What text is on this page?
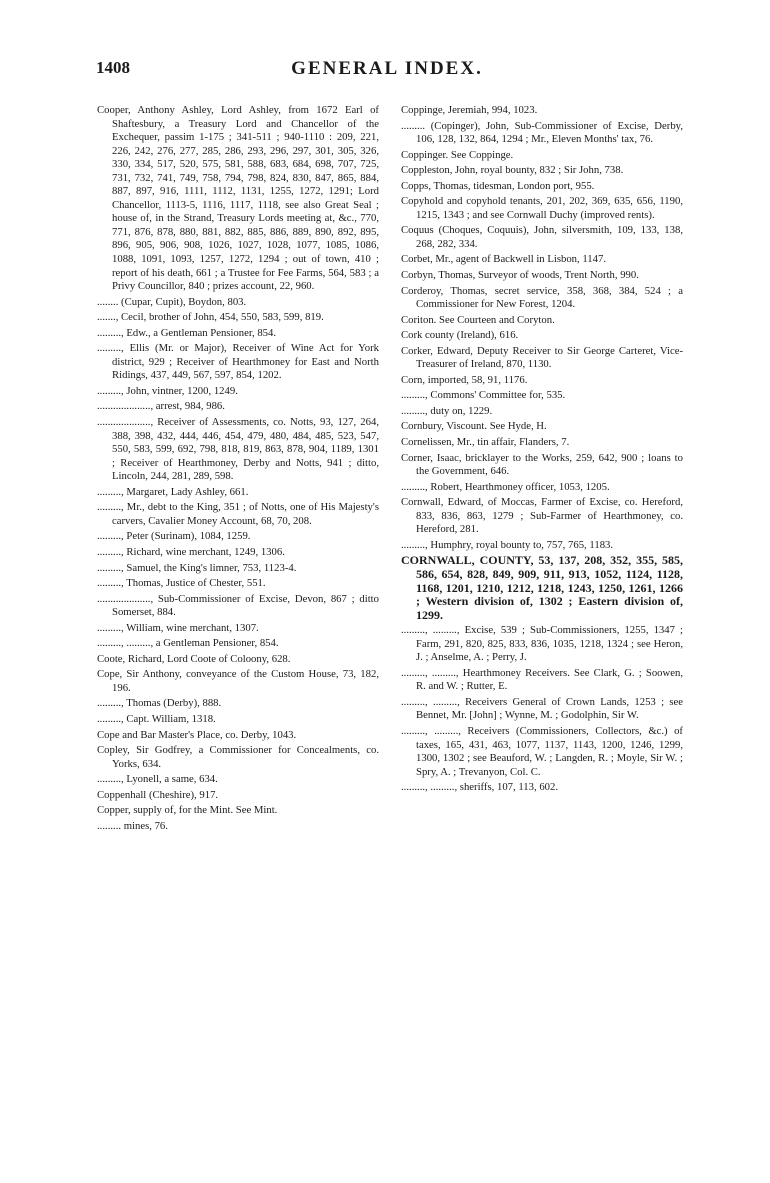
1408	GENERAL INDEX.

Cooper, Anthony Ashley, Lord Ashley, from 1672 Earl of Shaftesbury, a Treasury Lord and Chancellor of the Exchequer, passim 1-175 ; 341-511 ; 940-1110 : 209, 221, 226, 242, 276, 277, 285, 286, 293, 296, 297, 301, 305, 326, 330, 334, 517, 520, 575, 581, 588, 683, 684, 698, 707, 725, 731, 732, 741, 749, 758, 794, 798, 824, 830, 847, 865, 884, 887, 897, 916, 1111, 1112, 1131, 1255, 1272, 1291; Lord Chancellor, 1113-5, 1116, 1117, 1118, see also Great Seal ; house of, in the Strand, Treasury Lords meeting at, &c., 770, 771, 876, 878, 880, 881, 882, 885, 886, 889, 890, 892, 895, 896, 905, 906, 908, 1026, 1027, 1028, 1077, 1085, 1086, 1088, 1091, 1093, 1257, 1272, 1294 ; out of town, 410 ; report of his death, 661 ; a Trustee for Fee Farms, 564, 583 ; a Privy Councillor, 840 ; prizes account, 22, 960.

........ (Cupar, Cupit), Boydon, 803.

......., Cecil, brother of John, 454, 550, 583, 599, 819.

........., Edw., a Gentleman Pensioner, 854.

........., Ellis (Mr. or Major), Receiver of Wine Act for York district, 929 ; Receiver of Hearthmoney for East and North Ridings, 437, 449, 567, 597, 854, 1202.

........., John, vintner, 1200, 1249.

...................., arrest, 984, 986.

...................., Receiver of Assessments, co. Notts, 93, 127, 264, 388, 398, 432, 444, 446, 454, 479, 480, 484, 485, 523, 547, 550, 583, 599, 692, 798, 818, 819, 863, 878, 904, 1189, 1301 ; Receiver of Hearthmoney, Derby and Notts, 941 ; ditto, Lincoln, 244, 281, 289, 598.

........., Margaret, Lady Ashley, 661.

........., Mr., debt to the King, 351 ; of Notts, one of His Majesty's carvers, Cavalier Money Account, 68, 70, 208.

........., Peter (Surinam), 1084, 1259.

........., Richard, wine merchant, 1249, 1306.

........., Samuel, the King's limner, 753, 1123-4.

........., Thomas, Justice of Chester, 551.

...................., Sub-Commissioner of Excise, Devon, 867 ; ditto Somerset, 884.

........., William, wine merchant, 1307.

........., ........., a Gentleman Pensioner, 854.

Coote, Richard, Lord Coote of Coloony, 628.

Cope, Sir Anthony, conveyance of the Custom House, 73, 182, 196.

........., Thomas (Derby), 888.

........., Capt. William, 1318.

Cope and Bar Master's Place, co. Derby, 1043.

Copley, Sir Godfrey, a Commissioner for Concealments, co. Yorks, 634.

........., Lyonell, a same, 634.

Coppenhall (Cheshire), 917.

Copper, supply of, for the Mint. See Mint.

......... mines, 76.

Coppinge, Jeremiah, 994, 1023.

......... (Copinger), John, Sub-Commissioner of Excise, Derby, 106, 128, 132, 864, 1294 ; Mr., Eleven Months' tax, 76.

Coppinger. See Coppinge.

Coppleston, John, royal bounty, 832 ; Sir John, 738.

Copps, Thomas, tidesman, London port, 955.

Copyhold and copyhold tenants, 201, 202, 369, 635, 656, 1190, 1215, 1343 ; and see Cornwall Duchy (improved rents).

Coquus (Choques, Coquuis), John, silversmith, 109, 133, 138, 268, 282, 334.

Corbet, Mr., agent of Backwell in Lisbon, 1147.

Corbyn, Thomas, Surveyor of woods, Trent North, 990.

Corderoy, Thomas, secret service, 358, 368, 384, 524 ; a Commissioner for New Forest, 1204.

Coriton. See Courteen and Coryton.

Cork county (Ireland), 616.

Corker, Edward, Deputy Receiver to Sir George Carteret, Vice-Treasurer of Ireland, 870, 1130.

Corn, imported, 58, 91, 1176.

........., Commons' Committee for, 535.

........., duty on, 1229.

Cornbury, Viscount. See Hyde, H.

Cornelissen, Mr., tin affair, Flanders, 7.

Corner, Isaac, bricklayer to the Works, 259, 642, 900 ; loans to the Government, 646.

........., Robert, Hearthmoney officer, 1053, 1205.

Cornwall, Edward, of Moccas, Farmer of Excise, co. Hereford, 833, 836, 863, 1279 ; Sub-Farmer of Hearthmoney, co. Hereford, 281.

........., Humphry, royal bounty to, 757, 765, 1183.

CORNWALL, COUNTY, 53, 137, 208, 352, 355, 585, 586, 654, 828, 849, 909, 911, 913, 1052, 1124, 1128, 1168, 1201, 1210, 1212, 1218, 1243, 1250, 1261, 1266 ; Western division of, 1302 ; Eastern division of, 1299.

........., ........., Excise, 539 ; Sub-Commissioners, 1255, 1347 ; Farm, 291, 820, 825, 833, 836, 1035, 1218, 1324 ; see Heron, J. ; Anselme, A. ; Perry, J.

........., ........., Hearthmoney Receivers. See Clark, G. ; Soowen, R. and W. ; Rutter, E.

........., ........., Receivers General of Crown Lands, 1253 ; see Bennet, Mr. [John] ; Wynne, M. ; Godolphin, Sir W.

........., ........., Receivers (Commissioners, Collectors, &c.) of taxes, 165, 431, 463, 1077, 1137, 1143, 1200, 1246, 1299, 1300, 1302 ; see Beauford, W. ; Langden, R. ; Moyle, Sir W. ; Spry, A. ; Trevanyon, Col. C.

........., ........., sheriffs, 107, 113, 602.
